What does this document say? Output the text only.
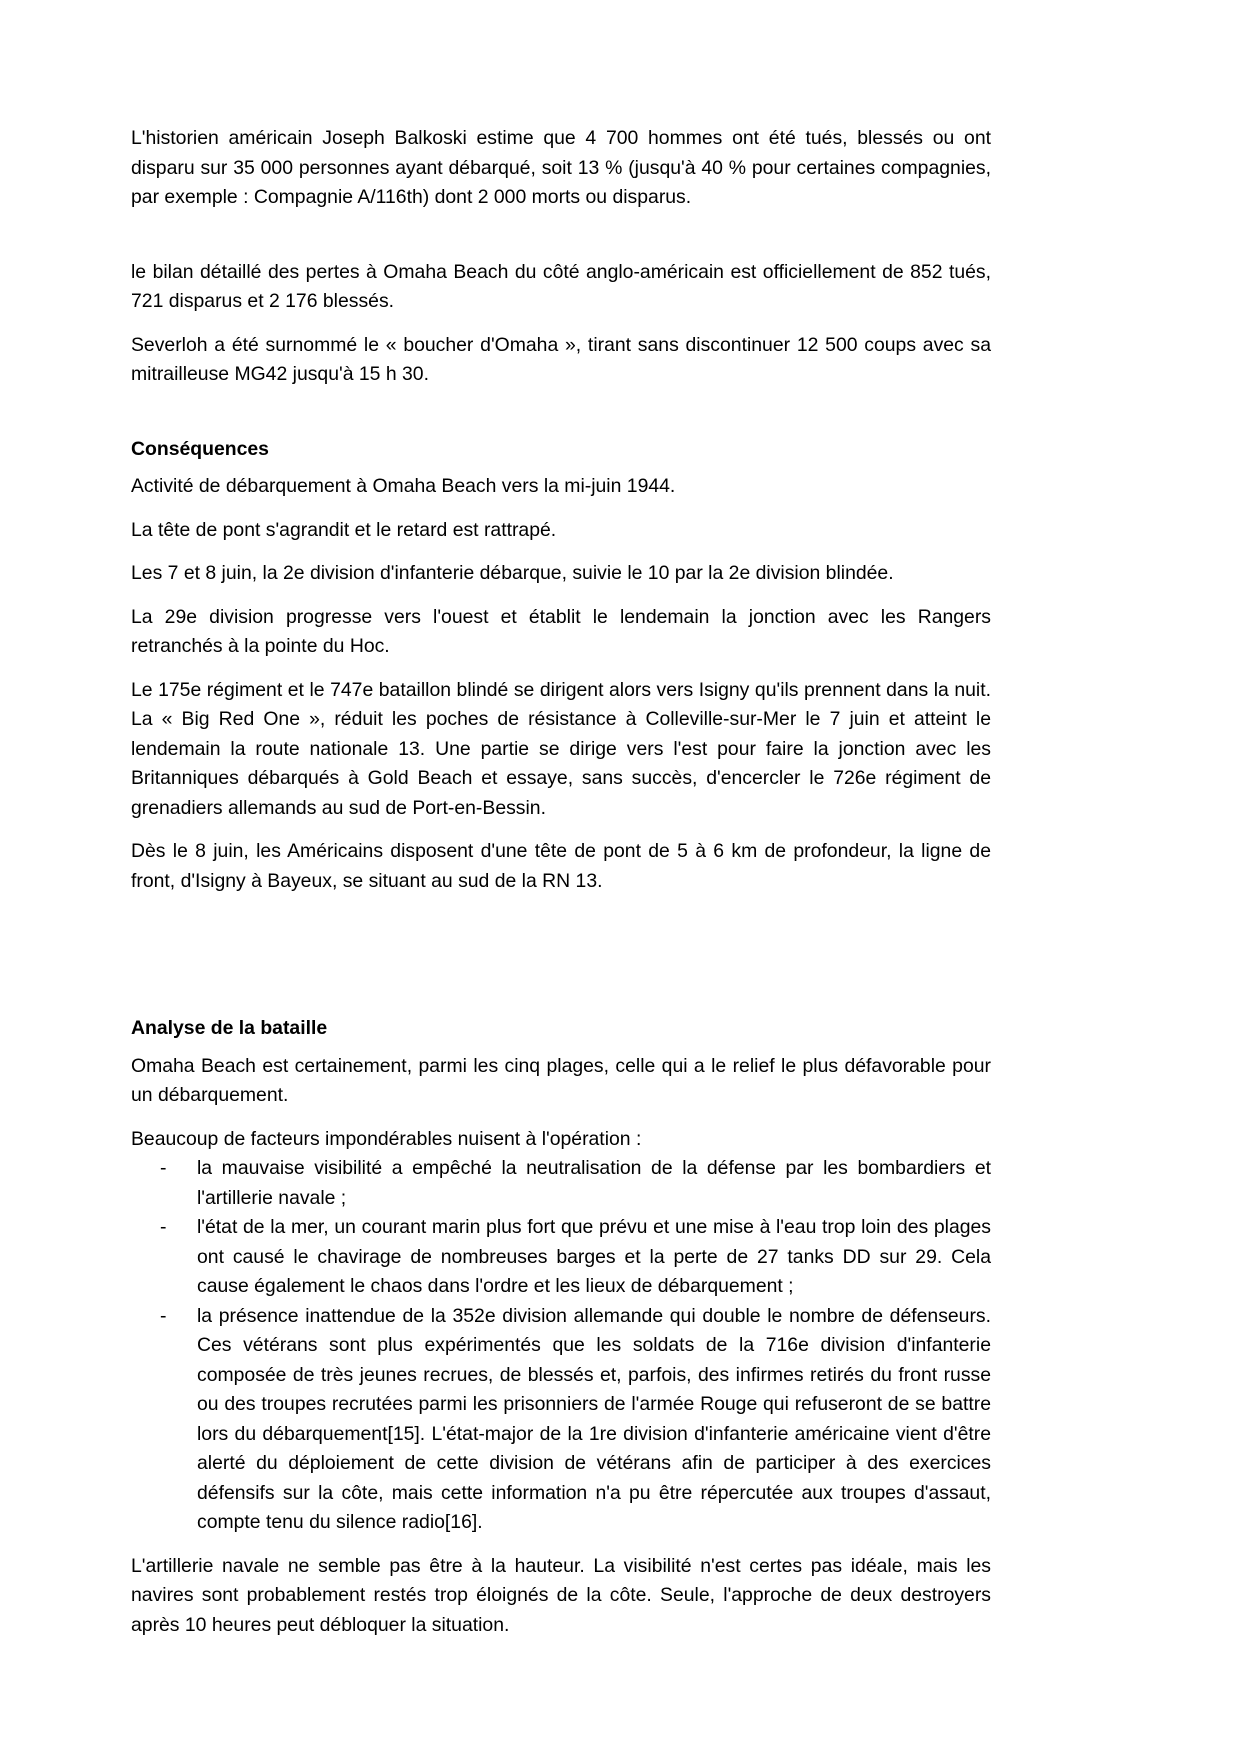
L'historien américain Joseph Balkoski estime que 4 700 hommes ont été tués, blessés ou ont disparu sur 35 000 personnes ayant débarqué, soit 13 % (jusqu'à 40 % pour certaines compagnies, par exemple : Compagnie A/116th) dont 2 000 morts ou disparus.

le bilan détaillé des pertes à Omaha Beach du côté anglo-américain est officiellement de 852 tués, 721 disparus et 2 176 blessés.

Severloh a été surnommé le « boucher d'Omaha », tirant sans discontinuer 12 500 coups avec sa mitrailleuse MG42 jusqu'à 15 h 30.

Conséquences

Activité de débarquement à Omaha Beach vers la mi-juin 1944.

La tête de pont s'agrandit et le retard est rattrapé.

Les 7 et 8 juin, la 2e division d'infanterie débarque, suivie le 10 par la 2e division blindée.

La 29e division progresse vers l'ouest et établit le lendemain la jonction avec les Rangers retranchés à la pointe du Hoc.

Le 175e régiment et le 747e bataillon blindé se dirigent alors vers Isigny qu'ils prennent dans la nuit. La « Big Red One », réduit les poches de résistance à Colleville-sur-Mer le 7 juin et atteint le lendemain la route nationale 13. Une partie se dirige vers l'est pour faire la jonction avec les Britanniques débarqués à Gold Beach et essaye, sans succès, d'encercler le 726e régiment de grenadiers allemands au sud de Port-en-Bessin.

Dès le 8 juin, les Américains disposent d'une tête de pont de 5 à 6 km de profondeur, la ligne de front, d'Isigny à Bayeux, se situant au sud de la RN 13.

Analyse de la bataille

Omaha Beach est certainement, parmi les cinq plages, celle qui a le relief le plus défavorable pour un débarquement.

Beaucoup de facteurs impondérables nuisent à l'opération :

- la mauvaise visibilité a empêché la neutralisation de la défense par les bombardiers et l'artillerie navale ;
- l'état de la mer, un courant marin plus fort que prévu et une mise à l'eau trop loin des plages ont causé le chavirage de nombreuses barges et la perte de 27 tanks DD sur 29. Cela cause également le chaos dans l'ordre et les lieux de débarquement ;
- la présence inattendue de la 352e division allemande qui double le nombre de défenseurs. Ces vétérans sont plus expérimentés que les soldats de la 716e division d'infanterie composée de très jeunes recrues, de blessés et, parfois, des infirmes retirés du front russe ou des troupes recrutées parmi les prisonniers de l'armée Rouge qui refuseront de se battre lors du débarquement[15]. L'état-major de la 1re division d'infanterie américaine vient d'être alerté du déploiement de cette division de vétérans afin de participer à des exercices défensifs sur la côte, mais cette information n'a pu être répercutée aux troupes d'assaut, compte tenu du silence radio[16].

L'artillerie navale ne semble pas être à la hauteur. La visibilité n'est certes pas idéale, mais les navires sont probablement restés trop éloignés de la côte. Seule, l'approche de deux destroyers après 10 heures peut débloquer la situation.
